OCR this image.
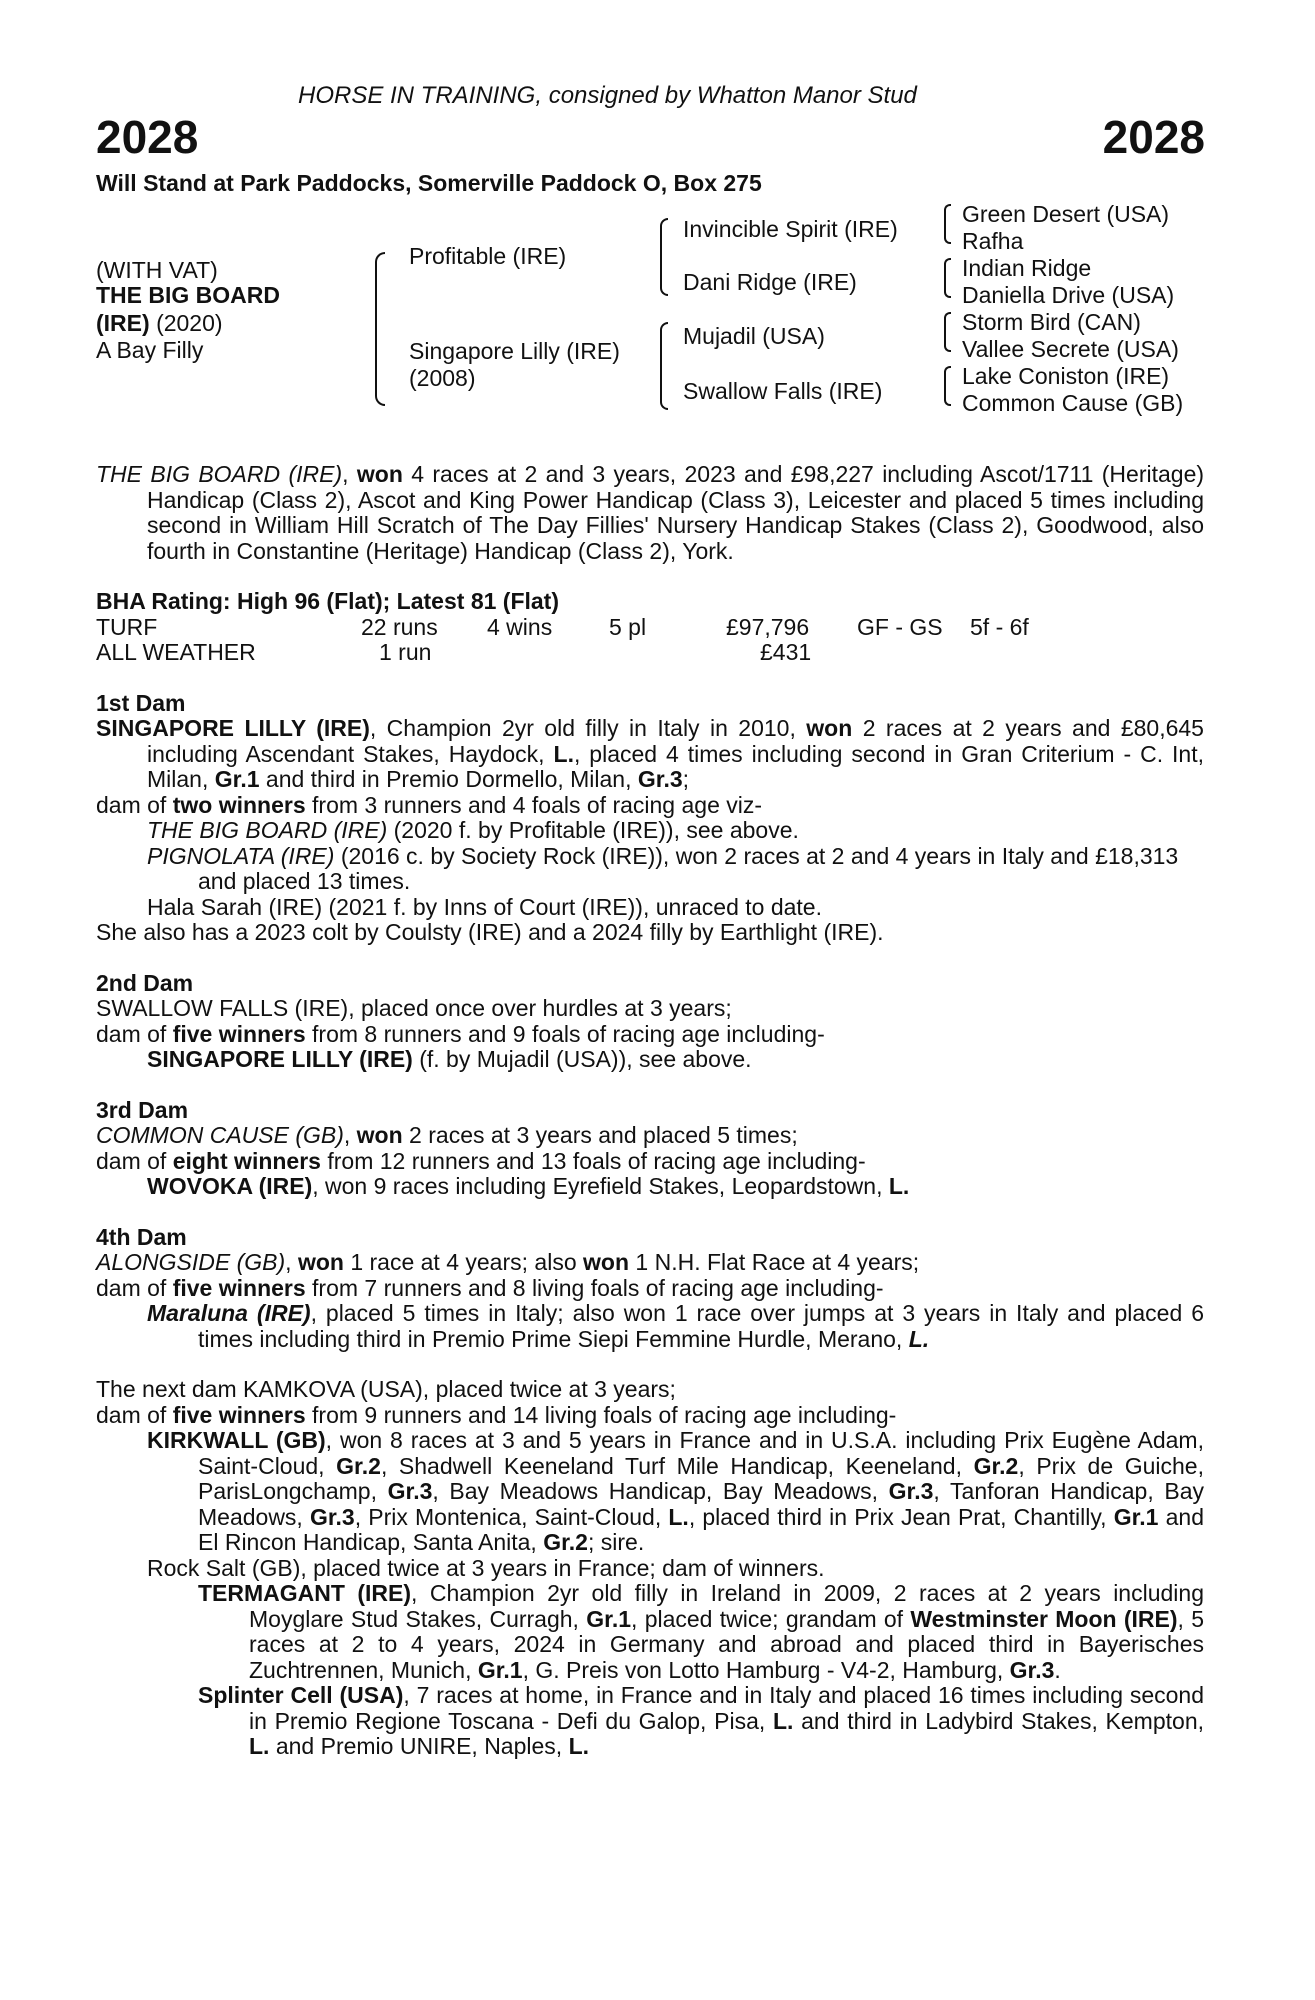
HORSE IN TRAINING, consigned by Whatton Manor Stud
2028	2028
Will Stand at Park Paddocks, Somerville Paddock O, Box 275
(WITH VAT)
THE BIG BOARD
(IRE) (2020)
A Bay Filly
Profitable (IRE)
Singapore Lilly (IRE)
(2008)
Invincible Spirit (IRE)
Dani Ridge (IRE)
Mujadil (USA)
Swallow Falls (IRE)
Green Desert (USA)
Rafha
Indian Ridge
Daniella Drive (USA)
Storm Bird (CAN)
Vallee Secrete (USA)
Lake Coniston (IRE)
Common Cause (GB)

THE BIG BOARD (IRE), won 4 races at 2 and 3 years, 2023 and £98,227 including Ascot/1711 (Heritage) Handicap (Class 2), Ascot and King Power Handicap (Class 3), Leicester and placed 5 times including second in William Hill Scratch of The Day Fillies' Nursery Handicap Stakes (Class 2), Goodwood, also fourth in Constantine (Heritage) Handicap (Class 2), York.

BHA Rating: High 96 (Flat); Latest 81 (Flat)
TURF	22 runs 4 wins 5 pl	£97,796 GF - GS 5f - 6f
ALL WEATHER	1 run	£431
1st Dam

SINGAPORE LILLY (IRE), Champion 2yr old filly in Italy in 2010, won 2 races at 2 years and £80,645 including Ascendant Stakes, Haydock, L., placed 4 times including second in Gran Criterium - C. Int, Milan, Gr.1 and third in Premio Dormello, Milan, Gr.3;

dam of two winners from 3 runners and 4 foals of racing age viz-

THE BIG BOARD (IRE) (2020 f. by Profitable (IRE)), see above.

PIGNOLATA (IRE) (2016 c. by Society Rock (IRE)), won 2 races at 2 and 4 years in Italy and £18,313 and placed 13 times.

Hala Sarah (IRE) (2021 f. by Inns of Court (IRE)), unraced to date.

She also has a 2023 colt by Coulsty (IRE) and a 2024 filly by Earthlight (IRE).

2nd Dam

SWALLOW FALLS (IRE), placed once over hurdles at 3 years;

dam of five winners from 8 runners and 9 foals of racing age including-

SINGAPORE LILLY (IRE) (f. by Mujadil (USA)), see above.

3rd Dam

COMMON CAUSE (GB), won 2 races at 3 years and placed 5 times;

dam of eight winners from 12 runners and 13 foals of racing age including-

WOVOKA (IRE), won 9 races including Eyrefield Stakes, Leopardstown, L.

4th Dam

ALONGSIDE (GB), won 1 race at 4 years; also won 1 N.H. Flat Race at 4 years;

dam of five winners from 7 runners and 8 living foals of racing age including-

Maraluna (IRE), placed 5 times in Italy; also won 1 race over jumps at 3 years in Italy and placed 6 times including third in Premio Prime Siepi Femmine Hurdle, Merano, L.

The next dam KAMKOVA (USA), placed twice at 3 years;

dam of five winners from 9 runners and 14 living foals of racing age including-

KIRKWALL (GB), won 8 races at 3 and 5 years in France and in U.S.A. including Prix Eugène Adam, Saint-Cloud, Gr.2, Shadwell Keeneland Turf Mile Handicap, Keeneland, Gr.2, Prix de Guiche, ParisLongchamp, Gr.3, Bay Meadows Handicap, Bay Meadows, Gr.3, Tanforan Handicap, Bay Meadows, Gr.3, Prix Montenica, Saint-Cloud, L., placed third in Prix Jean Prat, Chantilly, Gr.1 and El Rincon Handicap, Santa Anita, Gr.2; sire.

Rock Salt (GB), placed twice at 3 years in France; dam of winners.

TERMAGANT (IRE), Champion 2yr old filly in Ireland in 2009, 2 races at 2 years including Moyglare Stud Stakes, Curragh, Gr.1, placed twice; grandam of Westminster Moon (IRE), 5 races at 2 to 4 years, 2024 in Germany and abroad and placed third in Bayerisches Zuchtrennen, Munich, Gr.1, G. Preis von Lotto Hamburg - V4-2, Hamburg, Gr.3.

Splinter Cell (USA), 7 races at home, in France and in Italy and placed 16 times including second in Premio Regione Toscana - Defi du Galop, Pisa, L. and third in Ladybird Stakes, Kempton, L. and Premio UNIRE, Naples, L.
